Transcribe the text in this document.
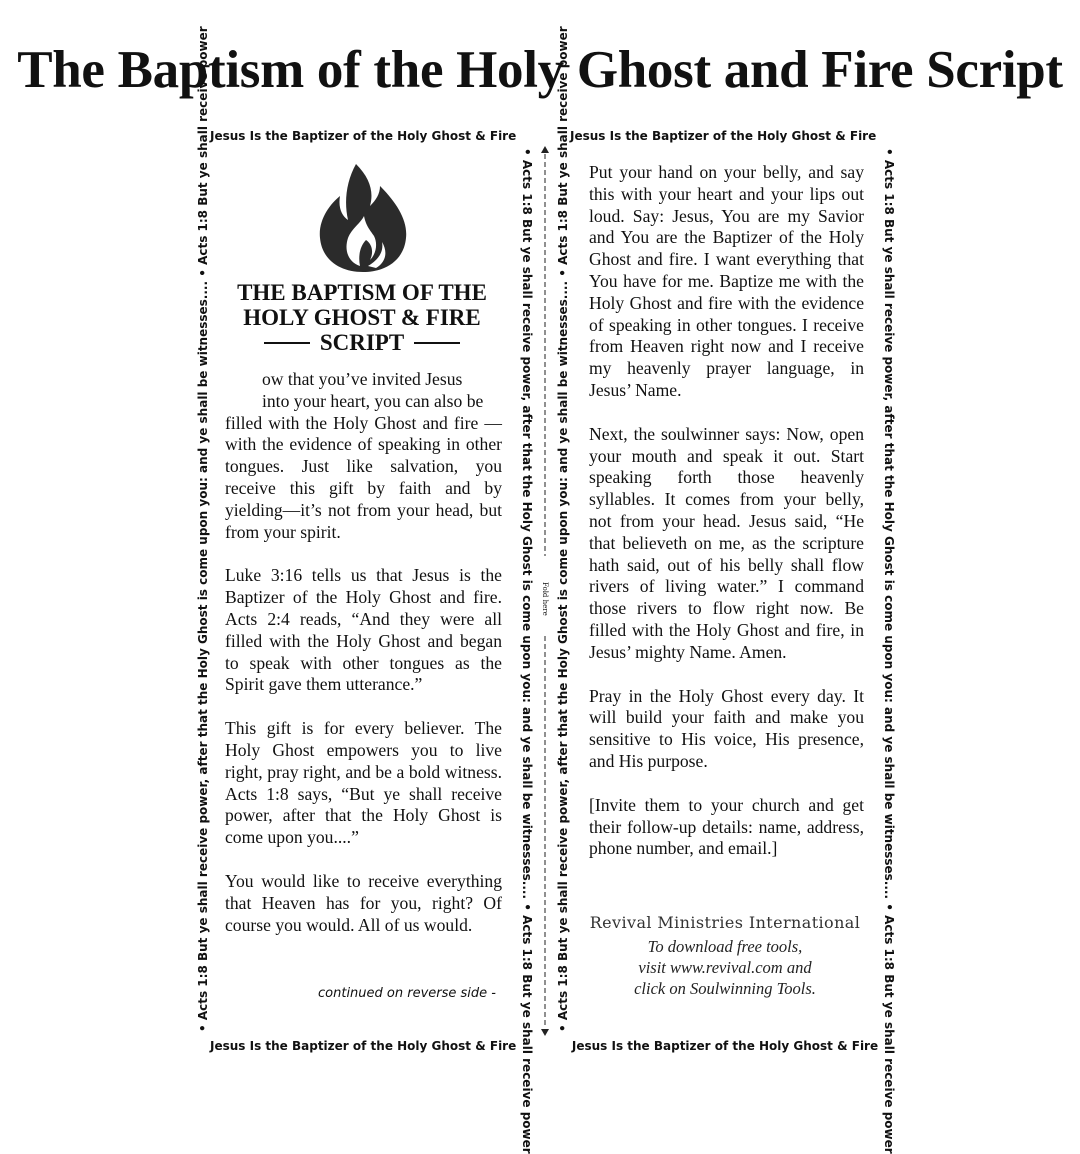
The Baptism of the Holy Ghost and Fire Script
Jesus Is the Baptizer of the Holy Ghost & Fire	Jesus Is the Baptizer of the Holy Ghost & Fire
Jesus Is the Baptizer of the Holy Ghost & Fire	Jesus Is the Baptizer of the Holy Ghost & Fire
• Acts 1:8 But ye shall receive power, after that the Holy Ghost is come upon you: and ye shall be witnesses.... • Acts 1:8 But ye shall receive power	• Acts 1:8 But ye shall receive power, after that the Holy Ghost is come upon you: and ye shall be witnesses.... • Acts 1:8 But ye shall receive power • Acts 1:8 But ye shall receive power, after that the Holy Ghost is come upon you: and ye shall be witnesses.... • Acts 1:8 But ye shall receive power	• Acts 1:8 But ye shall receive power, after that the Holy Ghost is come upon you: and ye shall be witnesses.... • Acts 1:8 But ye shall receive power
Fold here
THE BAPTISM OF THE
HOLY GHOST & FIRE
SCRIPT
ow that you’ve invited Jesus
into your heart, you can also be

filled with the Holy Ghost and fire —with the evidence of speaking in other tongues. Just like salvation, you receive this gift by faith and by yielding—it’s not from your head, but from your spirit.

Luke 3:16 tells us that Jesus is the Baptizer of the Holy Ghost and fire. Acts 2:4 reads, “And they were all filled with the Holy Ghost and began to speak with other tongues as the Spirit gave them utterance.”

This gift is for every believer. The Holy Ghost empowers you to live right, pray right, and be a bold witness. Acts 1:8 says, “But ye shall receive power, after that the Holy Ghost is come upon you....”

You would like to receive everything that Heaven has for you, right? Of course you would. All of us would.

continued on reverse side -

Put your hand on your belly, and say this with your heart and your lips out loud. Say: Jesus, You are my Savior and You are the Baptizer of the Holy Ghost and fire. I want everything that You have for me. Baptize me with the Holy Ghost and fire with the evidence of speaking in other tongues. I receive from Heaven right now and I receive my heavenly prayer language, in Jesus’ Name.

Next, the soulwinner says: Now, open your mouth and speak it out. Start speaking forth those heavenly syllables. It comes from your belly, not from your head. Jesus said, “He that believeth on me, as the scripture hath said, out of his belly shall flow rivers of living water.” I command those rivers to flow right now. Be filled with the Holy Ghost and fire, in Jesus’ mighty Name. Amen.

Pray in the Holy Ghost every day. It will build your faith and make you sensitive to His voice, His presence, and His purpose.

[Invite them to your church and get their follow-up details: name, address, phone number, and email.]

Revival Ministries International
To download free tools,
visit www.revival.com and
click on Soulwinning Tools.
